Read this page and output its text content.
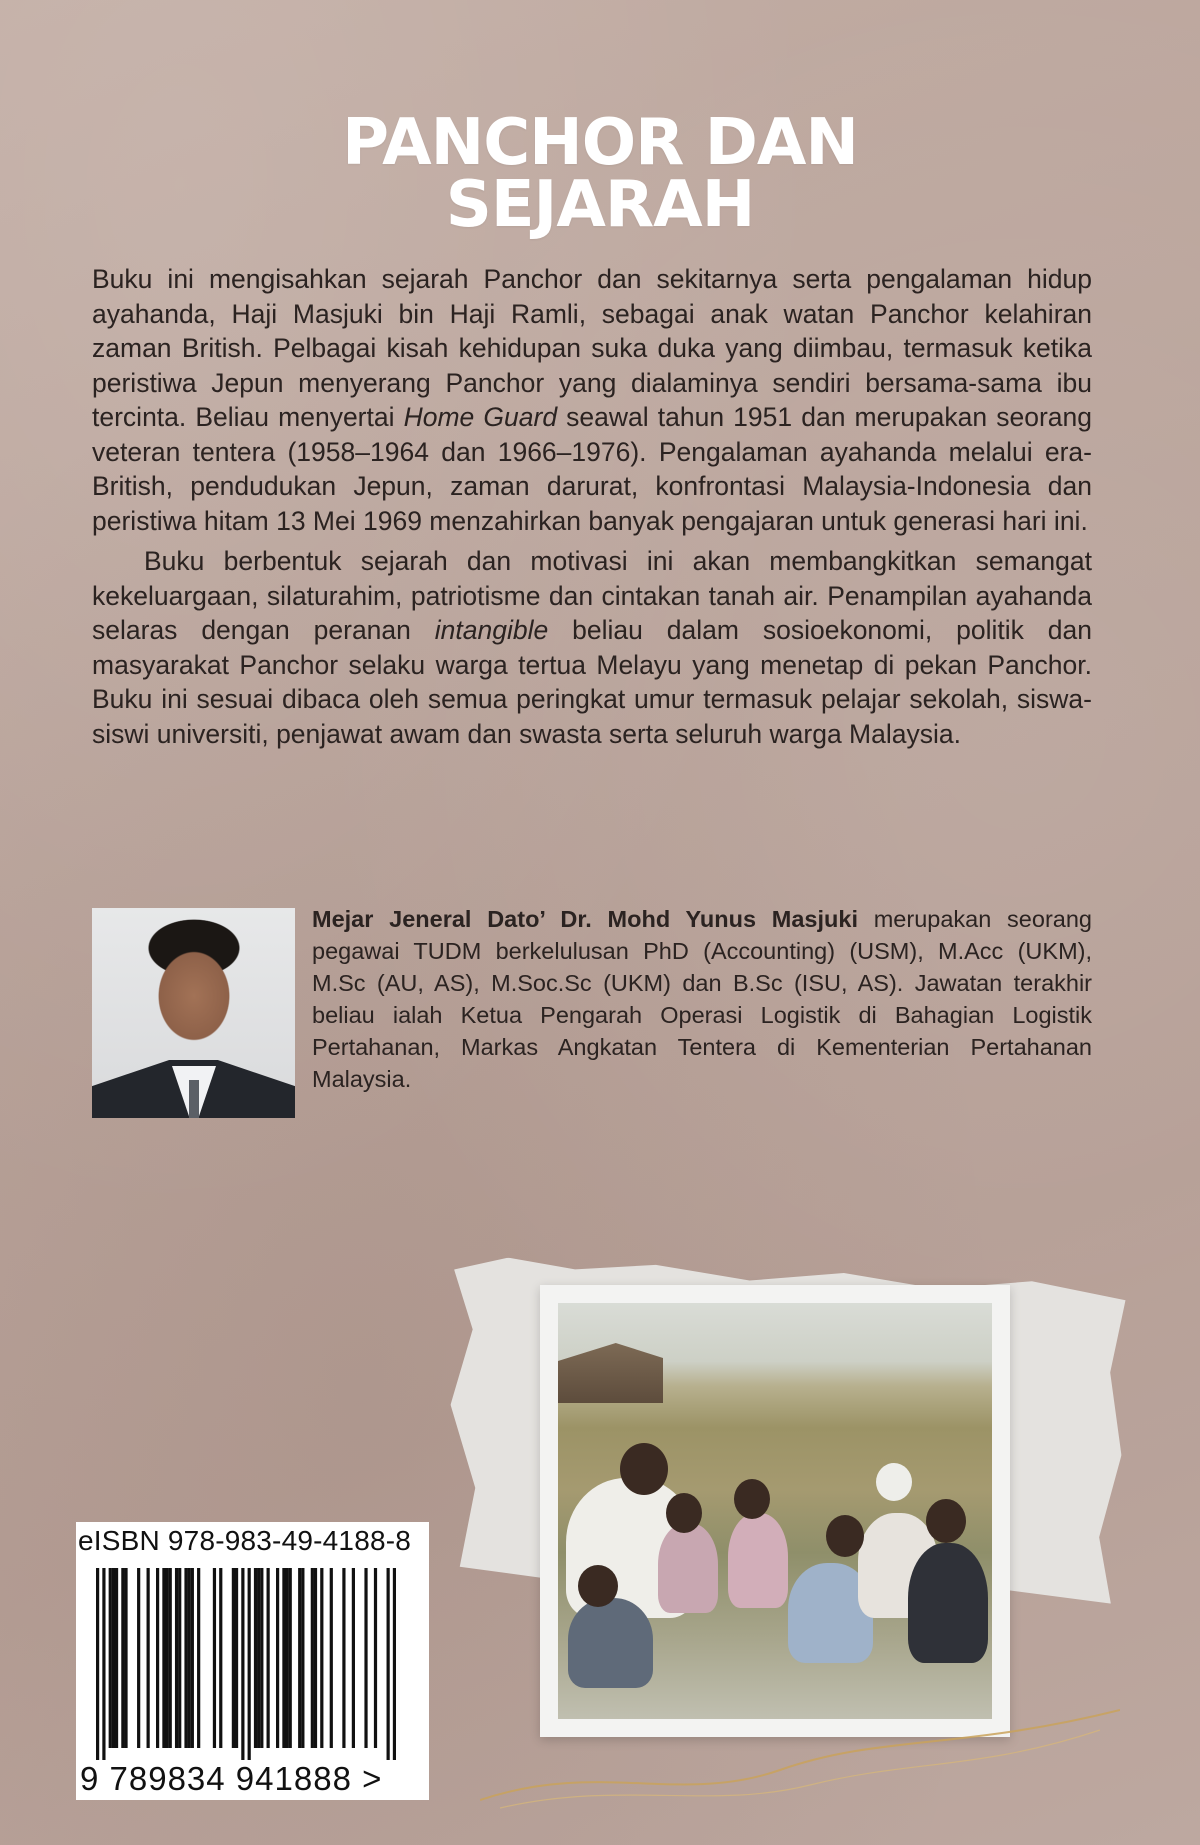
PANCHOR DAN
SEJARAH

Buku ini mengisahkan sejarah Panchor dan sekitarnya serta pengalaman hidup ayahanda, Haji Masjuki bin Haji Ramli, sebagai anak watan Panchor kelahiran zaman British. Pelbagai kisah kehidupan suka duka yang diimbau, termasuk ketika peristiwa Jepun menyerang Panchor yang dialaminya sendiri bersama-sama ibu tercinta. Beliau menyertai Home Guard seawal tahun 1951 dan merupakan seorang veteran tentera (1958–1964 dan 1966–1976). Pengalaman ayahanda melalui era-British, pendudukan Jepun, zaman darurat, konfrontasi Malaysia-Indonesia dan peristiwa hitam 13 Mei 1969 menzahirkan banyak pengajaran untuk generasi hari ini.

Buku berbentuk sejarah dan motivasi ini akan membangkitkan semangat kekeluargaan, silaturahim, patriotisme dan cintakan tanah air. Penampilan ayahanda selaras dengan peranan intangible beliau dalam sosioekonomi, politik dan masyarakat Panchor selaku warga tertua Melayu yang menetap di pekan Panchor. Buku ini sesuai dibaca oleh semua peringkat umur termasuk pelajar sekolah, siswa-siswi universiti, penjawat awam dan swasta serta seluruh warga Malaysia.

Mejar Jeneral Dato’ Dr. Mohd Yunus Masjuki merupakan seorang pegawai TUDM berkelulusan PhD (Accounting) (USM), M.Acc (UKM), M.Sc (AU, AS), M.Soc.Sc (UKM) dan B.Sc (ISU, AS). Jawatan terakhir beliau ialah Ketua Pengarah Operasi Logistik di Bahagian Logistik Pertahanan, Markas Angkatan Tentera di Kementerian Pertahanan Malaysia.
eISBN 978-983-49-4188-8
9 789834 941888 >
